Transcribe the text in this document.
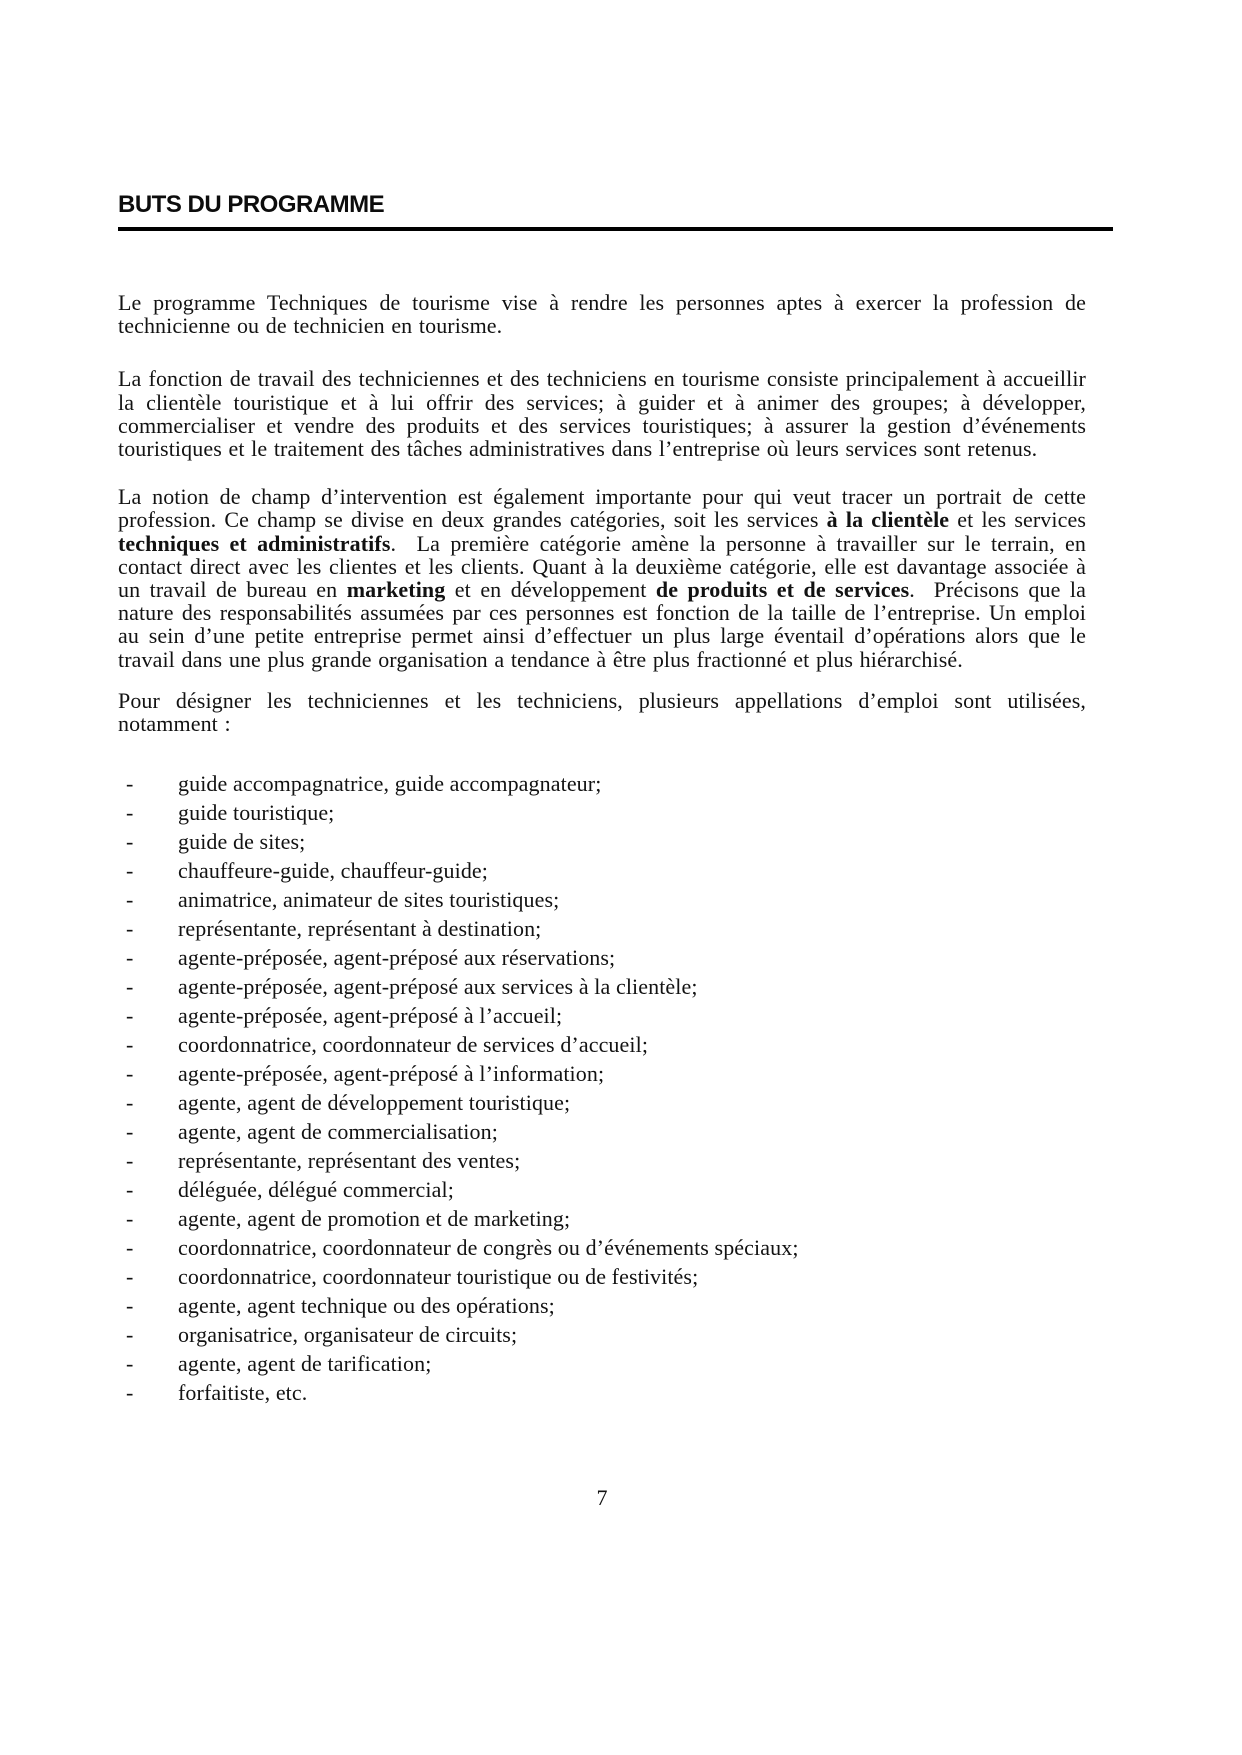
BUTS DU PROGRAMME

Le programme Techniques de tourisme vise à rendre les personnes aptes à exercer la profession de technicienne ou de technicien en tourisme.

La fonction de travail des techniciennes et des techniciens en tourisme consiste principalement à accueillir la clientèle touristique et à lui offrir des services; à guider et à animer des groupes; à développer, commercialiser et vendre des produits et des services touristiques; à assurer la gestion d’événements touristiques et le traitement des tâches administratives dans l’entreprise où leurs services sont retenus.

La notion de champ d’intervention est également importante pour qui veut tracer un portrait de cette profession. Ce champ se divise en deux grandes catégories, soit les services à la clientèle et les services techniques et administratifs.  La première catégorie amène la personne à travailler sur le terrain, en contact direct avec les clientes et les clients. Quant à la deuxième catégorie, elle est davantage associée à un travail de bureau en marketing et en développement de produits et de services.  Précisons que la nature des responsabilités assumées par ces personnes est fonction de la taille de l’entreprise. Un emploi au sein d’une petite entreprise permet ainsi d’effectuer un plus large éventail d’opérations alors que le travail dans une plus grande organisation a tendance à être plus fractionné et plus hiérarchisé.

Pour désigner les techniciennes et les techniciens, plusieurs appellations d’emploi sont utilisées, notamment :

- guide accompagnatrice, guide accompagnateur;
- guide touristique;
- guide de sites;
- chauffeure-guide, chauffeur-guide;
- animatrice, animateur de sites touristiques;
- représentante, représentant à destination;
- agente-préposée, agent-préposé aux réservations;
- agente-préposée, agent-préposé aux services à la clientèle;
- agente-préposée, agent-préposé à l’accueil;
- coordonnatrice, coordonnateur de services d’accueil;
- agente-préposée, agent-préposé à l’information;
- agente, agent de développement touristique;
- agente, agent de commercialisation;
- représentante, représentant des ventes;
- déléguée, délégué commercial;
- agente, agent de promotion et de marketing;
- coordonnatrice, coordonnateur de congrès ou d’événements spéciaux;
- coordonnatrice, coordonnateur touristique ou de festivités;
- agente, agent technique ou des opérations;
- organisatrice, organisateur de circuits;
- agente, agent de tarification;
- forfaitiste, etc.
7
